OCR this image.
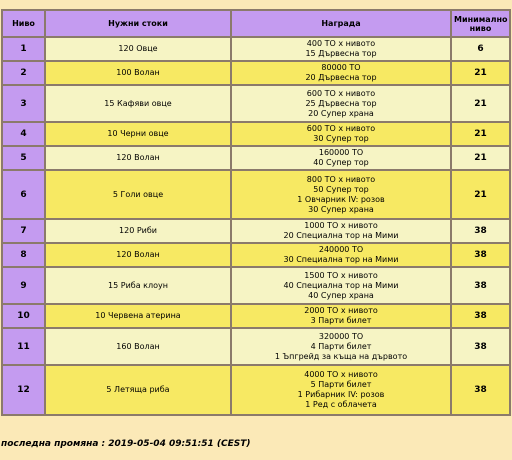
Ниво	Нужни стоки	Награда	Минимално ниво
1	120 Овце	400 ТО x нивото
15 Дървесна тор	6
2	100 Волан	80000 ТО
20 Дървесна тор	21
3	15 Кафяви овце	600 ТО x нивото
25 Дървесна тор
20 Супер храна	21
4	10 Черни овце	600 ТО x нивото
30 Супер тор	21
5	120 Волан	160000 ТО
40 Супер тор	21
6	5 Голи овце	800 ТО x нивото
50 Супер тор
1 Овчарник IV: розов
30 Супер храна	21
7	120 Риби	1000 ТО x нивото
20 Специална тор на Мими	38
8	120 Волан	240000 ТО
30 Специална тор на Мими	38
9	15 Риба клоун	1500 ТО x нивото
40 Специална тор на Мими
40 Супер храна	38
10	10 Червена атерина	2000 ТО x нивото
3 Парти билет	38
11	160 Волан	320000 ТО
4 Парти билет
1 Ъпгрейд за къща на дървото	38
12	5 Летяща риба	4000 ТО x нивото
5 Парти билет
1 Рибарник IV: розов
1 Ред с облачета	38
последна промяна : 2019-05-04 09:51:51 (CEST)
